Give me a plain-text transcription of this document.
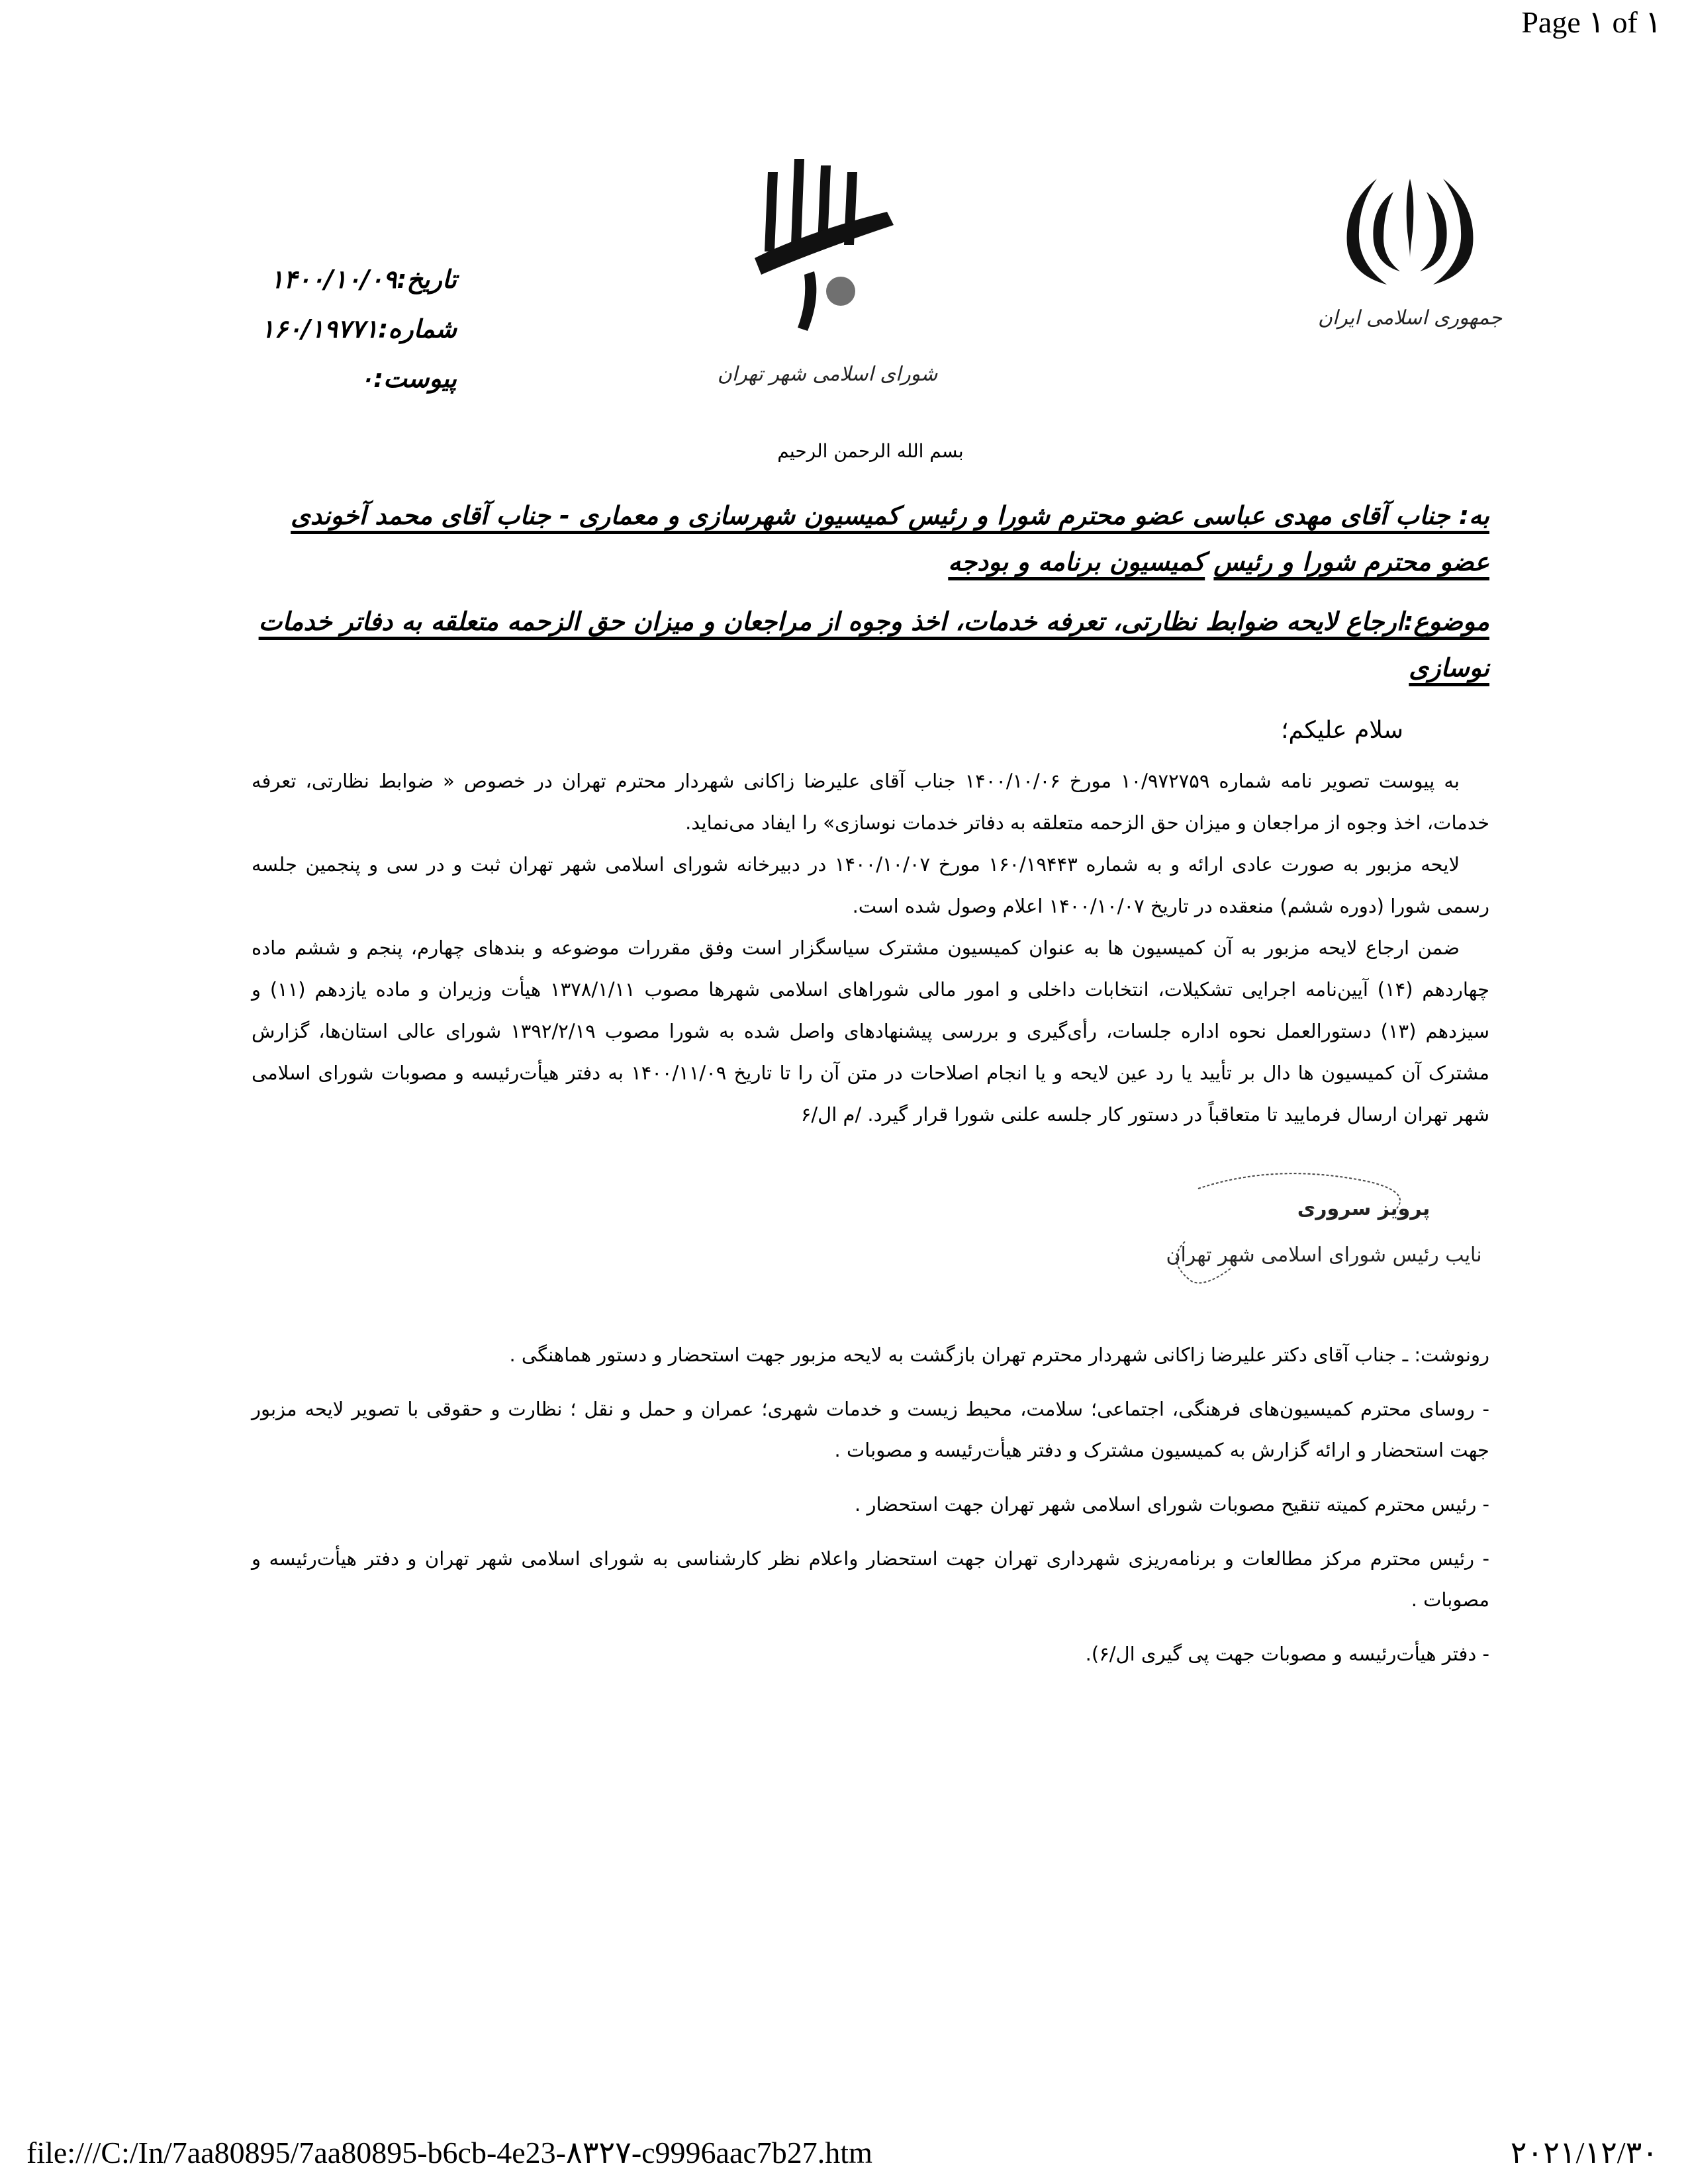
Page ۱ of ۱
جمهوری اسلامی ایران
شورای اسلامی شهر تهران
تاریخ:۱۴۰۰/۱۰/۰۹
شماره:۱۶۰/۱۹۷۷۱
پیوست:۰
بسم الله الرحمن الرحیم
به: جناب آقای مهدی عباسی عضو محترم شورا و رئیس کمیسیون شهرسازی و معماری - جناب آقای محمد آخوندی عضو محترم شورا و رئیس کمیسیون برنامه و بودجه
موضوع:ارجاع لایحه ضوابط نظارتی، تعرفه خدمات، اخذ وجوه از مراجعان و میزان حق الزحمه متعلقه به دفاتر خدمات نوسازی
سلام علیکم؛
به پیوست تصویر نامه شماره ۱۰/۹۷۲۷۵۹ مورخ ۱۴۰۰/۱۰/۰۶ جناب آقای علیرضا زاکانی شهردار محترم تهران در خصوص « ضوابط نظارتی، تعرفه خدمات، اخذ وجوه از مراجعان و میزان حق الزحمه متعلقه به دفاتر خدمات نوسازی» را ایفاد می‌نماید.
لایحه مزبور به صورت عادی ارائه و به شماره ۱۶۰/۱۹۴۴۳ مورخ ۱۴۰۰/۱۰/۰۷ در دبیرخانه شورای اسلامی شهر تهران ثبت و در سی و پنجمین جلسه رسمی شورا (دوره ششم) منعقده در تاریخ ۱۴۰۰/۱۰/۰۷ اعلام وصول شده است.
ضمن ارجاع لایحه مزبور به آن کمیسیون ها به عنوان کمیسیون مشترک سیاسگزار است وفق مقررات موضوعه و بندهای چهارم، پنجم و ششم ماده چهاردهم (۱۴) آیین‌نامه اجرایی تشکیلات، انتخابات داخلی و امور مالی شوراهای اسلامی شهرها مصوب ۱۳۷۸/۱/۱۱ هیأت وزیران و ماده یازدهم (۱۱) و سیزدهم (۱۳) دستورالعمل نحوه اداره جلسات، رأی‌گیری و بررسی پیشنهادهای واصل شده به شورا مصوب ۱۳۹۲/۲/۱۹ شورای عالی استان‌ها، گزارش مشترک آن کمیسیون ها دال بر تأیید یا رد عین لایحه و یا انجام اصلاحات در متن آن را تا تاریخ ۱۴۰۰/۱۱/۰۹ به دفتر هیأت‌رئیسه و مصوبات شورای اسلامی شهر تهران ارسال فرمایید تا متعاقباً در دستور کار جلسه علنی شورا قرار گیرد. /م ال/۶
پرویز سروری
نایب رئیس شورای اسلامی شهر تهران
رونوشت: ـ جناب آقای دکتر علیرضا زاکانی شهردار محترم تهران بازگشت به لایحه مزبور جهت استحضار و دستور هماهنگی .
- روسای محترم کمیسیون‌های فرهنگی، اجتماعی؛ سلامت، محیط زیست و خدمات شهری؛ عمران و حمل و نقل ؛ نظارت و حقوقی با تصویر لایحه مزبور جهت استحضار و ارائه گزارش به کمیسیون مشترک و دفتر هیأت‌رئیسه و مصوبات .
- رئیس محترم کمیته تنقیح مصوبات شورای اسلامی شهر تهران جهت استحضار .
- رئیس محترم مرکز مطالعات و برنامه‌ریزی شهرداری تهران جهت استحضار واعلام نظر کارشناسی به شورای اسلامی شهر تهران و دفتر هیأت‌رئیسه و مصوبات .
- دفتر هیأت‌رئیسه و مصوبات جهت پی گیری ال/۶).
file:///C:/In/7aa80895/7aa80895-b6cb-4e23-۸۳۲۷-c9996aac7b27.htm	۲۰۲۱/۱۲/۳۰
